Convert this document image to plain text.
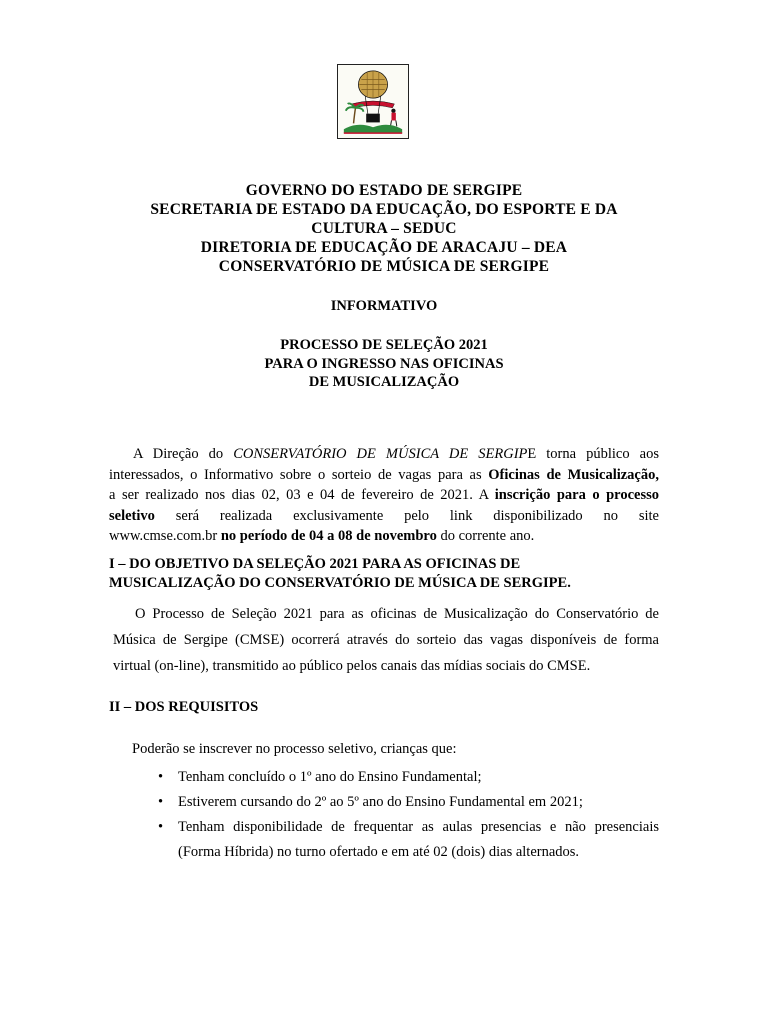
GOVERNO DO ESTADO DE SERGIPE
SECRETARIA DE ESTADO DA EDUCAÇÃO, DO ESPORTE E DA
CULTURA – SEDUC
DIRETORIA DE EDUCAÇÃO DE ARACAJU – DEA
CONSERVATÓRIO DE MÚSICA DE SERGIPE
INFORMATIVO
PROCESSO DE SELEÇÃO 2021
PARA O INGRESSO NAS OFICINAS
DE MUSICALIZAÇÃO
A Direção do CONSERVATÓRIO DE MÚSICA DE SERGIPE torna público aos
interessados, o Informativo sobre o sorteio de vagas para as Oficinas de Musicalização,
a ser realizado nos dias 02, 03 e 04 de fevereiro de 2021. A inscrição para o processo
seletivo será realizada exclusivamente pelo link disponibilizado no site
www.cmse.com.br no período de 04 a 08 de novembro do corrente ano.
I – DO OBJETIVO DA SELEÇÃO 2021 PARA AS OFICINAS DE
MUSICALIZAÇÃO DO CONSERVATÓRIO DE MÚSICA DE SERGIPE.
O Processo de Seleção 2021 para as oficinas de Musicalização do Conservatório de
Música de Sergipe (CMSE) ocorrerá através do sorteio das vagas disponíveis de forma
virtual (on-line), transmitido ao público pelos canais das mídias sociais do CMSE.
II – DOS REQUISITOS
Poderão se inscrever no processo seletivo, crianças que:
• Tenham concluído o 1º ano do Ensino Fundamental;
• Estiverem cursando do 2º ao 5º ano do Ensino Fundamental em 2021;
• Tenham disponibilidade de frequentar as aulas presencias e não presenciais
(Forma Híbrida) no turno ofertado e em até 02 (dois) dias alternados.
